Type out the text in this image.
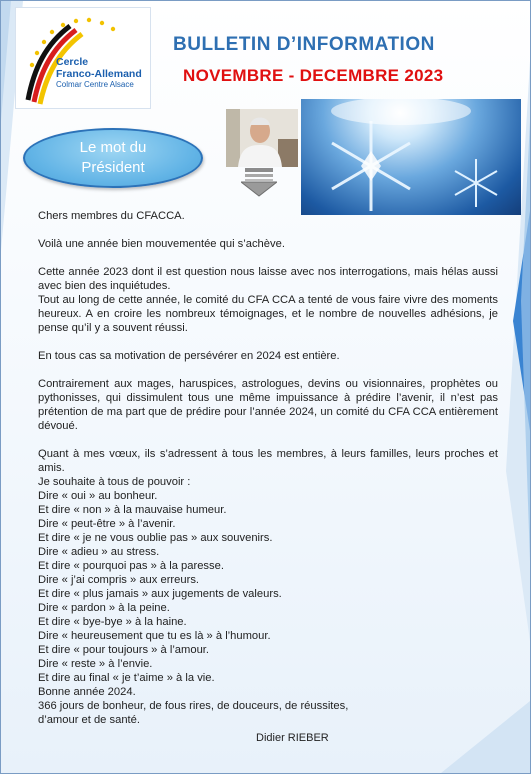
Cercle
Franco-Allemand
Colmar Centre Alsace
BULLETIN D’INFORMATION
NOVEMBRE - DECEMBRE 2023
Le mot du
Président

Chers membres du CFACCA.

Voilà une année bien mouvementée qui s’achève.

Cette année 2023 dont il est question nous laisse avec nos interrogations, mais hélas aussi avec bien des inquiétudes.

Tout au long de cette année, le comité du CFA CCA a tenté de vous faire vivre des moments heureux. A en croire les nombreux témoignages, et le nombre de nouvelles adhésions, je pense qu’il y a souvent réussi.

En tous cas sa motivation de persévérer en 2024 est entière.

Contrairement aux mages, haruspices, astrologues, devins ou visionnaires, prophètes ou pythonisses, qui dissimulent tous une même impuissance à prédire l’avenir, il n’est pas prétention de ma part que de prédire pour l’année 2024, un comité du CFA CCA entièrement dévoué.

Quant à mes vœux, ils s’adressent à tous les membres, à leurs familles, leurs proches et amis.

Je souhaite à tous de pouvoir :

Dire « oui » au bonheur.

Et dire « non » à la mauvaise humeur.

Dire « peut-être » à l’avenir.

Et dire « je ne vous oublie pas » aux souvenirs.

Dire « adieu » au stress.

Et dire « pourquoi pas » à la paresse.

Dire « j’ai compris » aux erreurs.

Et dire « plus jamais » aux jugements de valeurs.

Dire « pardon » à la peine.

Et dire « bye-bye » à la haine.

Dire « heureusement que tu es là » à l’humour.

Et dire « pour toujours » à l’amour.

Dire « reste » à l’envie.

Et dire au final « je t’aime » à la vie.

Bonne année 2024.

366 jours de bonheur, de fous rires, de douceurs, de réussites,

d’amour et de santé.

Didier RIEBER
